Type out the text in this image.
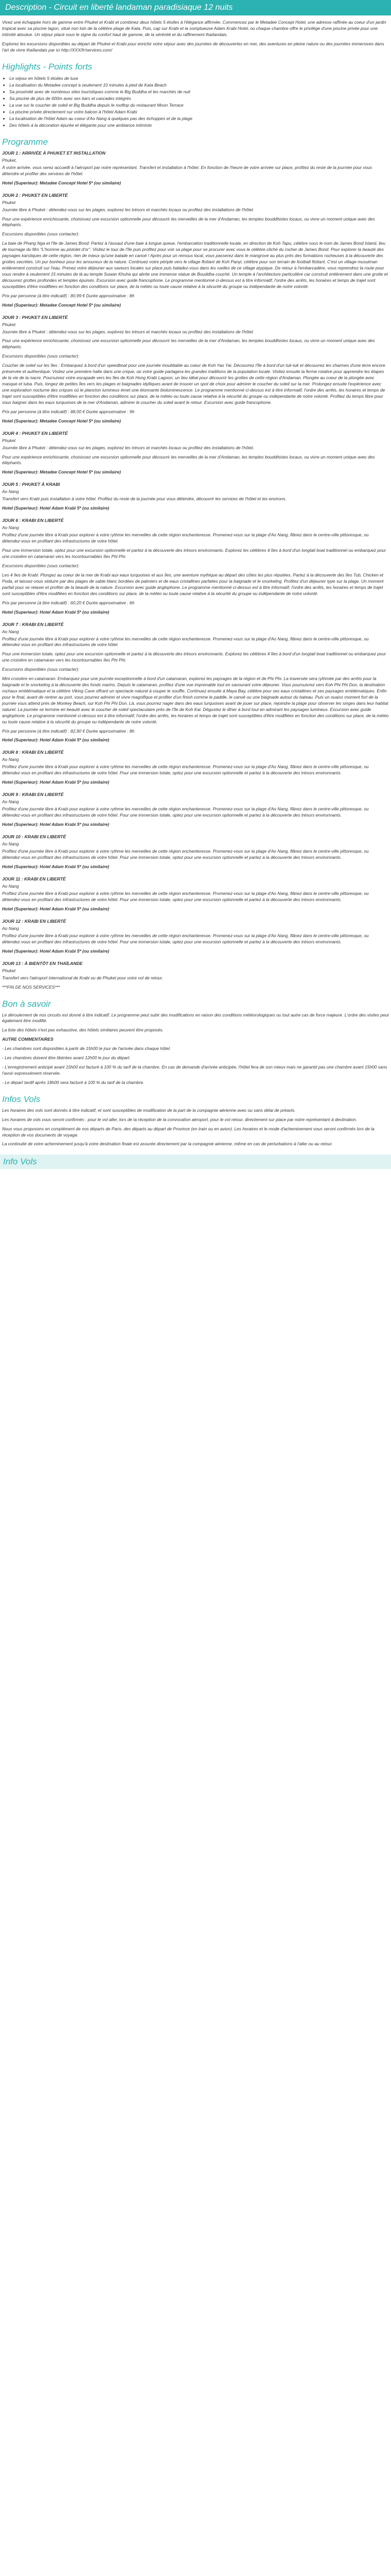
Description - Circuit en liberté landaman paradisiaque 12 nuits

Vivez une échappée hors de gamme entre Phuket et Krabi et combinez deux hôtels 5 étoiles à l'élégance affirmée. Commencez par le Metadee Concept Hotel, une adresse raffinée au coeur d'un jardin tropical avec sa piscine lagon, situé non loin de la célèbre plage de Kata. Puis, cap sur Krabi et la somptueuse Adam Krabi Hotel, ou chaque chambre offre le privilège d'une piscine privée pour une intimité absolue. Un séjour placé sous le signe du confort haut de gamme, de la sérénité et du raffinement thaïlandais.

Explorez les excursions disponibles au départ de Phuket et Krabi pour enrichir votre séjour avec des journées de découvertes en mer, des aventures en pleine nature ou des journées immersives dans l'art de vivre thaïlandais par ici http://XXX/fr/services.com/

Highlights - Points forts
• Le séjour en hôtels 5 étoiles de luxe
• La localisation du Metadee concept à seulement 10 minutes à pied de Kata Beach
• Sa proximité avec de nombreux sites touristiques comme le Big Buddha et les marchés de nuit
• Sa piscine de plus de 600m avec ses bars et cascades intégrés
• La vue sur le coucher de soleil et Big Buddha depuis le rooftop du restaurant Moon Terrace
• La piscine privée directement sur votre balcon à l'hôtel Adam Krabi
• La localisation de l'hôtel Adam au coeur d'Ao Nang à quelques pas des échoppes et de la plage
• Des hôtels à la décoration épurée et élégante pour une ambiance intimiste
Programme
JOUR 1 : ARRIVÉE À PHUKET ET INSTALLATION
Phuket,

À votre arrivée, vous serez accueilli à l'aéroport par notre représentant. Transfert et installation à l'hôtel. En fonction de l'heure de votre arrivée sur place, profitez du reste de la journée pour vous détendre et profiter des services de l'hôtel.

Hotel (Superieur): Metadee Concept Hotel 5* (ou similaire)
JOUR 2 : PHUKET EN LIBERTÉ
Phuket

Journée libre à Phuket : détendez-vous sur les plages, explorez les trésors et marchés locaux ou profitez des installations de l'hôtel.

Pour une expérience enrichissante, choisissez une excursion optionnelle pour découvrir les merveilles de la mer d'Andaman, les temples bouddhistes locaux, ou vivre un moment unique avec des éléphants.

Excursions disponibles (sous contacter):

La baie de Phang Nga et l'île de James Bond: Partez à l'assaut d'une baie à longue queue, l'embarcation traditionnelle locale, en direction de Koh Tapu, célèbre sous le nom de James Bond Island, lieu de tournage du film "L'homme au pistolet d'or". Visitez le tour de l'île puis profitez pour voir sa plage pour se procurer avec vous le célèbre cliché du rocher de James Bond. Pour explorer la beauté des paysages karstiques de cette région, rien de mieux qu'une balade en canoë ! Après pour un remous local, vous passerez dans le mangrove au plus près des formations rocheuses à la découverte des grottes secrètes. Un pur bonheur pour les amoureux de la nature. Continuez votre périple vers le village flottant de Koh Panyi, célèbre pour son terrain de football flottant. C'est un village musulman entièrement construit sur l'eau. Prenez votre déjeuner aux saveurs locales sur place puis baladez-vous dans les ruelles de ce village atypique. De retour à l'embarcadère, vous reprendrez la route pour vous rendre à seulement 15 minutes de là au temple Suwan Khuha qui abrite une immense statue de Bouddha couché. Un temple à l'architecture particulière car construit entièrement dans une grotte et découvrez grottes profondes et temples épuisés. Excursion avec guide francophone. Le programme mentionné ci-dessus est à titre informatif, l'ordre des arrêts, les horaires et temps de trajet sont susceptibles d'être modifiées en fonction des conditions sur place, de la météo ou toute cause relative à la sécurité du groupe ou indépendante de notre volonté.

Prix par personne (à titre indicatif) : 80,99 € Durée approximative : 8h

Hotel (Superieur): Metadee Concept Hotel 5* (ou similaire)
JOUR 3 : PHUKET EN LIBERTÉ
Phuket

Journée libre à Phuket : détendez-vous sur les plages, explorez les trésors et marchés locaux ou profitez des installations de l'hôtel.

Pour une expérience enrichissante, choisissez une excursion optionnelle pour découvrir les merveilles de la mer d'Andaman, les temples bouddhistes locaux, ou vivre un moment unique avec des éléphants.

Excursions disponibles (sous contacter):

Coucher de soleil sur les îles : Embarquez à bord d'un speedboat pour une journée inoubliable au coeur de Koh Yao Yai. Découvrez l'île à bord d'un tuk-tuk et découvrez les charmes d'une terre encore préservée et authentique. Visitez une première halte dans une crique, où votre guide partagera les grandes traditions de la population locale. Visitez ensuite la ferme rotative pour apprendre les étapes de la vie de la nacre. Poursuivez votre escapade vers les îles de Koh Hong Krabi Lagoon, un lieu idéal pour découvrir les grottes de cette région d'Andaman. Plongée au coeur de la plongée avec masque et tuba. Puis, longez de petites îles vers les plages et baignades idylliques avant de trouver un spot de choix pour admirer le coucher du soleil sur la mer. Prolongez ensuite l'expérience avec une exploration nocturne des criques où le plancton lumineux émet une étonnante bioluminescence. Le programme mentionné ci-dessus est à titre informatif, l'ordre des arrêts, les horaires et temps de trajet sont susceptibles d'être modifiées en fonction des conditions sur place, de la météo ou toute cause relative à la sécurité du groupe ou indépendante de notre volonté. Profitez du temps libre pour vous baigner dans les eaux turquoises de la mer d'Andaman, admirer le coucher du soleil avant le retour. Excursion avec guide francophone.

Prix par personne (à titre indicatif) : 88,00 € Durée approximative : 9h

Hotel (Superieur): Metadee Concept Hotel 5* (ou similaire)
JOUR 4 : PHUKET EN LIBERTÉ
Phuket

Journée libre à Phuket : détendez-vous sur les plages, explorez les trésors et marchés locaux ou profitez des installations de l'hôtel.

Pour une expérience enrichissante, choisissez une excursion optionnelle pour découvrir les merveilles de la mer d'Andaman, les temples bouddhistes locaux, ou vivre un moment unique avec des éléphants.

Hotel (Superieur): Metadee Concept Hotel 5* (ou similaire)
JOUR 5 : PHUKET À KRABI
Ao Nang

Transfert vers Krabi puis installation à votre hôtel. Profitez du reste de la journée pour vous détendre, découvrir les services de l'hôtel et les environs.

Hotel (Superieur): Hotel Adam Krabi 5* (ou similaire)
JOUR 6 : KRABI EN LIBERTÉ
Ao Nang

Profitez d'une journée libre à Krabi pour explorer à votre rythme les merveilles de cette région enchanteresse. Promenez-vous sur la plage d'Ao Nang, flânez dans le centre-ville pittoresque, ou détendez-vous en profitant des infrastructures de votre hôtel.

Pour une immersion totale, optez pour une excursion optionnelle et partez à la découverte des trésors environnants. Explorez les célèbres 4 îles à bord d'un longtail boat traditionnel ou embarquez pour une croisière en catamaran vers les incontournables îles Phi Phi.

Excursions disponibles (sous contacter):

Les 4 îles de Krabi: Plongez au coeur de la mer de Krabi aux eaux turquoises et aux îles, une aventure mythique au départ des côtes les plus réputées. Partez à la découverte des îles Tub, Chicken et Poda, et laissez-vous séduire par des plages de sable blanc bordées de palmiers et de eaux cristallines parfaites pour la baignade et le snorkeling. Profitez d'un déjeuner type sur la plage. Un moment parfait pour se relaxer et profiter de la beauté de la nature. Excursion avec guide anglophone. Le programme mentionné ci-dessus est à titre informatif, l'ordre des arrêts, les horaires et temps de trajet sont susceptibles d'être modifiées en fonction des conditions sur place, de la météo ou toute cause relative à la sécurité du groupe ou indépendante de notre volonté.

Prix par personne (à titre indicatif) : 60,20 € Durée approximative : 6h

Hotel (Superieur): Hotel Adam Krabi 5* (ou similaire)
JOUR 7 : KRABI EN LIBERTÉ
Ao Nang

Profitez d'une journée libre à Krabi pour explorer à votre rythme les merveilles de cette région enchanteresse. Promenez-vous sur la plage d'Ao Nang, flânez dans le centre-ville pittoresque, ou détendez-vous en profitant des infrastructures de votre hôtel.

Pour une immersion totale, optez pour une excursion optionnelle et partez à la découverte des trésors environnants. Explorez les célèbres 4 îles à bord d'un longtail boat traditionnel ou embarquez pour une croisière en catamaran vers les incontournables îles Phi Phi.

Excursions disponibles (sous contacter):

Mini croisière en catamaran: Embarquez pour une journée exceptionnelle à bord d'un catamaran, explorez les paysages de la région et de Phi Phi. La traversée sera rythmée par des arrêts pour la baignade et le snorkeling à la découverte des fonds marins. Depuis le catamaran, profitez d'une vue imprenable tout en savourant votre déjeuner. Vous poursuivrez vers Koh Phi Phi Don, la destination rochaux emblématique et la célèbre Viking Cave offrant un spectacle naturel à couper le souffle. Continuez ensuite à Maya Bay, célèbre pour ses eaux cristallines et ses paysages emblématiques. Enfin pour le final, avant de rentrer au port, vous pourrez admirer et vivre magnifique et profiter d'un finish comme le paddle, le canoë ou une baignade autour du bateau. Puis un ouaiss moment fort de la journée vous attend près de Monkey Beach, sur Koh Phi Phi Don. Là, vous pourrez nager dans des eaux turquoises avant de jouer sur place, rejoindre la plage pour observer les singes dans leur habitat naturel. La journée se termine en beauté avec le coucher de soleil spectaculaire près de l'île de Koh Kai. Dégustez le dîner à bord tout en admirant les paysages lumineux. Excursion avec guide anglophone. Le programme mentionné ci-dessus est à titre informatif, l'ordre des arrêts, les horaires et temps de trajet sont susceptibles d'être modifiées en fonction des conditions sur place, de la météo ou toute cause relative à la sécurité du groupe ou indépendante de notre volonté.

Prix par personne (à titre indicatif) : 82,90 € Durée approximative : 8h

Hotel (Superieur): Hotel Adam Krabi 5* (ou similaire)
JOUR 8 : KRABI EN LIBERTÉ
Ao Nang

Profitez d'une journée libre à Krabi pour explorer à votre rythme les merveilles de cette région enchanteresse. Promenez-vous sur la plage d'Ao Nang, flânez dans le centre-ville pittoresque, ou détendez-vous en profitant des infrastructures de votre hôtel. Pour une immersion totale, optez pour une excursion optionnelle et partez à la découverte des trésors environnants.

Hotel (Superieur): Hotel Adam Krabi 5* (ou similaire)
JOUR 9 : KRABI EN LIBERTÉ
Ao Nang

Profitez d'une journée libre à Krabi pour explorer à votre rythme les merveilles de cette région enchanteresse. Promenez-vous sur la plage d'Ao Nang, flânez dans le centre-ville pittoresque, ou détendez-vous en profitant des infrastructures de votre hôtel. Pour une immersion totale, optez pour une excursion optionnelle et partez à la découverte des trésors environnants.

Hotel (Superieur): Hotel Adam Krabi 5* (ou similaire)
JOUR 10 : KRABI EN LIBERTÉ
Ao Nang

Profitez d'une journée libre à Krabi pour explorer à votre rythme les merveilles de cette région enchanteresse. Promenez-vous sur la plage d'Ao Nang, flânez dans le centre-ville pittoresque, ou détendez-vous en profitant des infrastructures de votre hôtel. Pour une immersion totale, optez pour une excursion optionnelle et partez à la découverte des trésors environnants.

Hotel (Superieur): Hotel Adam Krabi 5* (ou similaire)
JOUR 11 : KRABI EN LIBERTÉ
Ao Nang

Profitez d'une journée libre à Krabi pour explorer à votre rythme les merveilles de cette région enchanteresse. Promenez-vous sur la plage d'Ao Nang, flânez dans le centre-ville pittoresque, ou détendez-vous en profitant des infrastructures de votre hôtel. Pour une immersion totale, optez pour une excursion optionnelle et partez à la découverte des trésors environnants.

Hotel (Superieur): Hotel Adam Krabi 5* (ou similaire)
JOUR 12 : KRABI EN LIBERTÉ
Ao Nang

Profitez d'une journée libre à Krabi pour explorer à votre rythme les merveilles de cette région enchanteresse. Promenez-vous sur la plage d'Ao Nang, flânez dans le centre-ville pittoresque, ou détendez-vous en profitant des infrastructures de votre hôtel. Pour une immersion totale, optez pour une excursion optionnelle et partez à la découverte des trésors environnants.

Hotel (Superieur): Hotel Adam Krabi 5* (ou similaire)
JOUR 13 : À BIENTÔT EN THAÏLANDE
Phuket

Transfert vers l'aéroport international de Krabi ou de Phuket pour votre vol de retour.

***FIN DE NOS SERVICES***

Bon à savoir

Le déroulement de nos circuits est donné à titre indicatif. Le programme peut subir des modifications en raison des conditions météorologiques ou tout autre cas de force majeure. L'ordre des visites peut également être modifié.

La liste des hôtels n'est pas exhaustive, des hôtels similaires peuvent être proposés.

AUTRE COMMENTAIRES

- Les chambres sont disponibles à partir de 15h00 le jour de l'arrivée dans chaque hôtel.

- Les chambres doivent être libérées avant 12h00 le jour du départ.

- L'enregistrement anticipé avant 15h00 est facturé à 100 % du tarif de la chambre. En cas de demande d'arrivée anticipée, l'hôtel fera de son mieux mais ne garantit pas une chambre avant 15h00 sans l'avoir expressément réservée.

- Le départ tardif après 18h00 sera facturé à 100 % du tarif de la chambre.

Infos Vols

Les horaires des vols sont donnés à titre indicatif, et sont susceptibles de modification de la part de la compagnie aérienne avec ou sans délai de préavis.

Les horaires de vols vous seront confirmés : pour le vol aller, lors de la réception de la convocation aéroport, pour le vol retour, directement sur place par notre représentant à destination.

Nous vous proposons en complément de nos départs de Paris, des départs au départ de Province (en train ou en avion). Les horaires et le mode d'acheminement vous seront confirmés lors de la réception de vos documents de voyage.

La continuité de votre acheminement jusqu'à votre destination finale est assurée directement par la compagnie aérienne, même en cas de perturbations à l'aller ou au retour.

Info Vols
